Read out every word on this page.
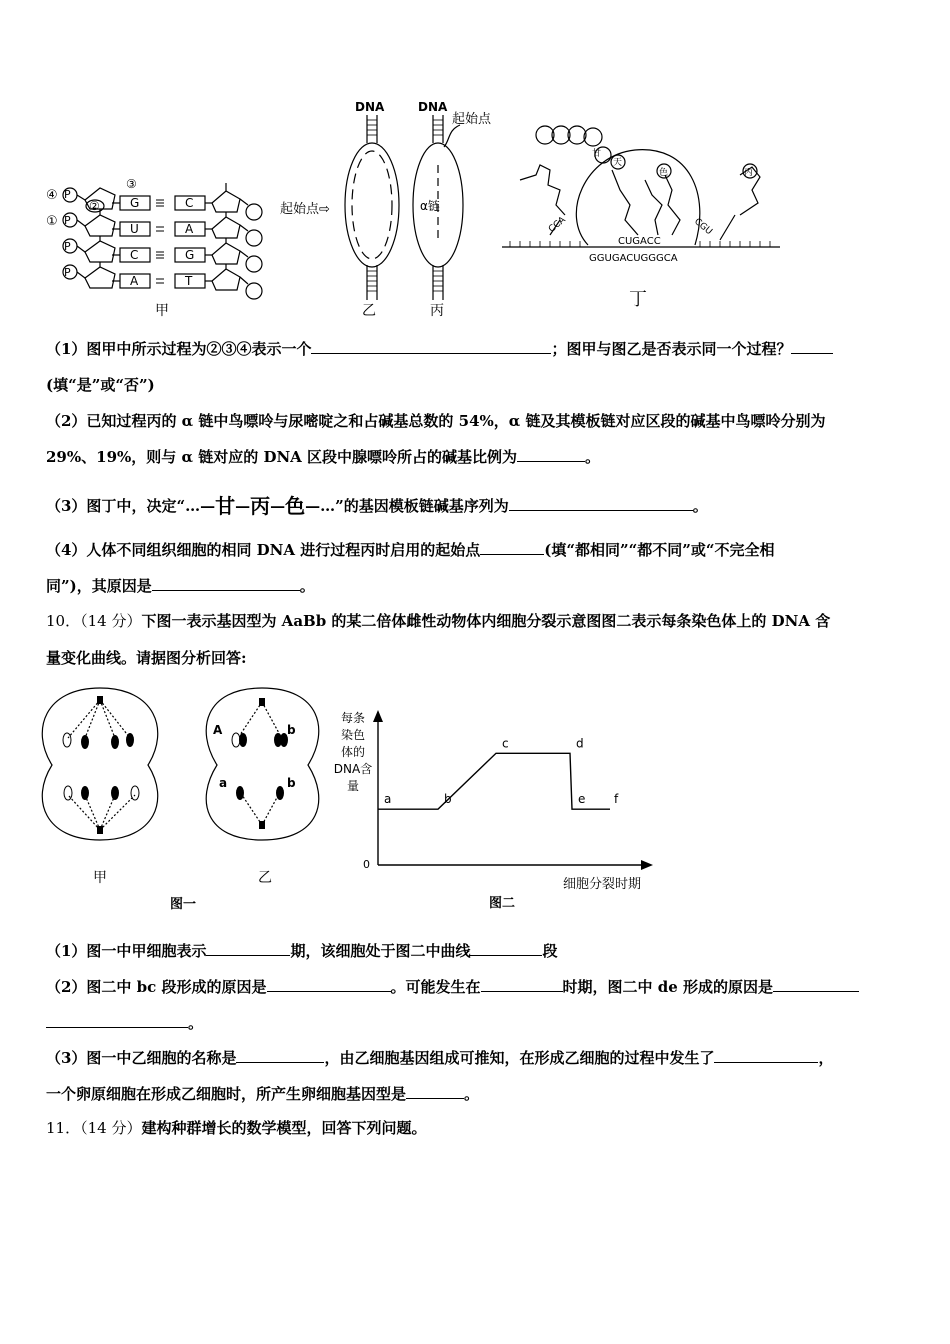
④ P
① P
P
P
②
③
G
U
C
A
C
A
G
T
甲
DNA
起始点⇨
乙
DNA
起始点
α链
丙
天
甘
色	丙
CCA
CUGACC
CGU
GGUGACUGGGCA
丁
（1）图甲中所示过程为②③④表示一个	；图甲与图乙是否表示同一个过程？
(填“是”或“否”)
（2）已知过程丙的 α 链中鸟嘌呤与尿嘧啶之和占碱基总数的 54%，α 链及其模板链对应区段的碱基中鸟嘌呤分别为
29%、19%，则与 α 链对应的 DNA 区段中腺嘌呤所占的碱基比例为	。
（3）图丁中，决定“…—甘—丙—色—…”的基因模板链碱基序列为	。
（4）人体不同组织细胞的相同 DNA 进行过程丙时启用的起始点	(填“都相同”“都不同”或“不完全相
同”)，其原因是	。
10．（14 分）下图一表示基因型为 AaBb 的某二倍体雌性动物体内细胞分裂示意图图二表示每条染色体上的 DNA 含
量变化曲线。请据图分析回答:
A	b
a	b
甲	乙
图一
每条
染色
体的
DNA含
量
a	b
c	d
e f
0
细胞分裂时期
图二
（1）图一中甲细胞表示	期，该细胞处于图二中曲线	段
（2）图二中 bc 段形成的原因是	。可能发生在	时期，图二中 de 形成的原因是
。
（3）图一中乙细胞的名称是	，由乙细胞基因组成可推知，在形成乙细胞的过程中发生了	，
一个卵原细胞在形成乙细胞时，所产生卵细胞基因型是	。
11．（14 分）建构种群增长的数学模型，回答下列问题。
